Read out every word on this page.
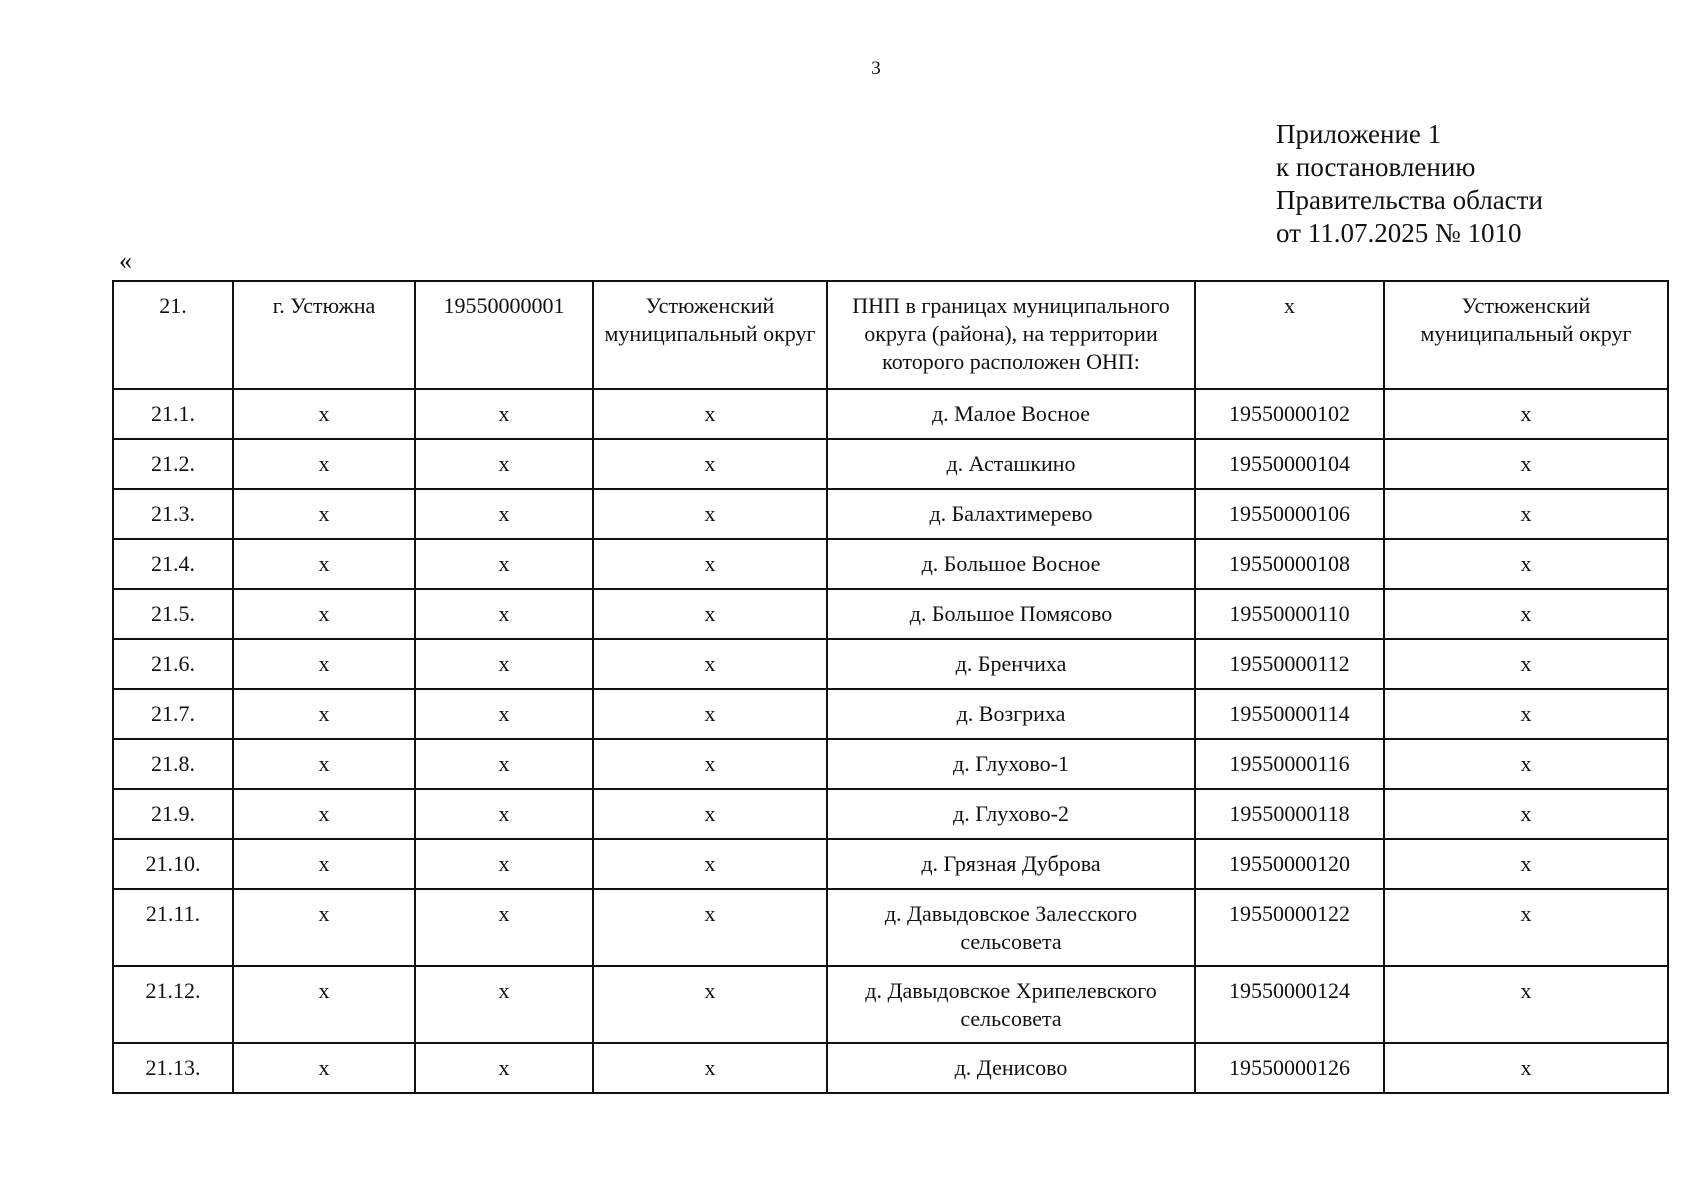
3
Приложение 1
к постановлению
Правительства области
от 11.07.2025 № 1010
«
21.	г. Устюжна	19550000001	Устюженский муниципальный округ	ПНП в границах муниципального округа (района), на территории которого расположен ОНП:	х	Устюженский муниципальный округ
21.1.	х	х	х	д. Малое Восное	19550000102	х
21.2.	х	х	х	д. Асташкино	19550000104	х
21.3.	х	х	х	д. Балахтимерево	19550000106	х
21.4.	х	х	х	д. Большое Восное	19550000108	х
21.5.	х	х	х	д. Большое Помясово	19550000110	х
21.6.	х	х	х	д. Бренчиха	19550000112	х
21.7.	х	х	х	д. Возгриха	19550000114	х
21.8.	х	х	х	д. Глухово-1	19550000116	х
21.9.	х	х	х	д. Глухово-2	19550000118	х
21.10.	х	х	х	д. Грязная Дуброва	19550000120	х
21.11.	х	х	х	д. Давыдовское Залесского сельсовета	19550000122	х
21.12.	х	х	х	д. Давыдовское Хрипелевского сельсовета	19550000124	х
21.13.	х	х	х	д. Денисово	19550000126	х
